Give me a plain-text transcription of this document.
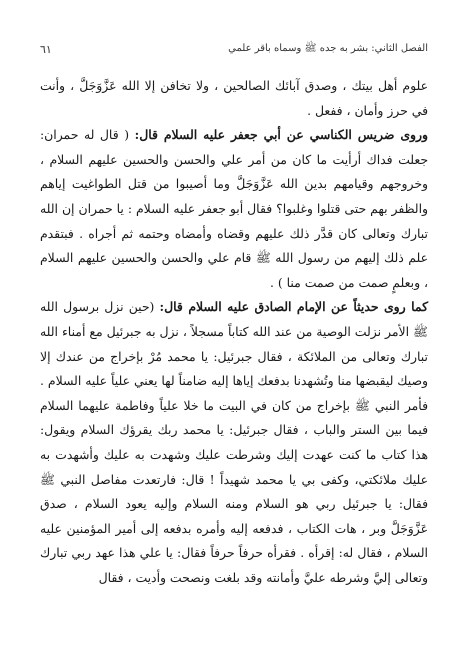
الفصل الثاني: بشر به جده ﷺ وسماه باقر علمي
٦١

علوم أهل بيتك ، وصدق آبائك الصالحين ، ولا تخافن إلا الله عَزَّوَجَلَّ ، وأنت في حرز وأمان ، ففعل .

وروى ضريس الكناسي عن أبي جعفر عليه السلام قال: ( قال له حمران: جعلت فداك أرأيت ما كان من أمر علي والحسن والحسين عليهم السلام ، وخروجهم وقيامهم بدين الله عَزَّوَجَلَّ وما أصيبوا من قتل الطواغيت إياهم والظفر بهم حتى قتلوا وغلبوا؟ فقال أبو جعفر عليه السلام : يا حمران إن الله تبارك وتعالى كان قدَّر ذلك عليهم وقضاه وأمضاه وحتمه ثم أجراه . فبتقدم علم ذلك إليهم من رسول الله ﷺ قام علي والحسن والحسين عليهم السلام ، وبعلمٍ صمت من صمت منا ) .

كما روى حديثاً عن الإمام الصادق عليه السلام قال: (حين نزل برسول الله ﷺ الأمر نزلت الوصية من عند الله كتاباً مسجلاً ، نزل به جبرئيل مع أمناء الله تبارك وتعالى من الملائكة ، فقال جبرئيل: يا محمد مُرْ بإخراج من عندك إلا وصيك ليقبضها منا وتُشهدنا بدفعك إياها إليه ضامناً لها يعني علياً عليه السلام .

فأمر النبي ﷺ بإخراج من كان في البيت ما خلا علياً وفاطمة عليهما السلام فيما بين الستر والباب ، فقال جبرئيل: يا محمد ربك يقرؤك السلام ويقول: هذا كتاب ما كنت عهدت إليك وشرطت عليك وشهدت به عليك وأشهدت به عليك ملائكتي، وكفى بي يا محمد شهيداً ! قال: فارتعدت مفاصل النبي ﷺ فقال: يا جبرئيل ربي هو السلام ومنه السلام وإليه يعود السلام ، صدق عَزَّوَجَلَّ وبر ، هات الكتاب ، فدفعه إليه وأمره بدفعه إلى أمير المؤمنين عليه السلام ، فقال له: إقرأه . فقرأه حرفاً حرفاً فقال: يا علي هذا عهد ربي تبارك وتعالى إليَّ وشرطه عليَّ وأمانته وقد بلغت ونصحت وأديت ، فقال
